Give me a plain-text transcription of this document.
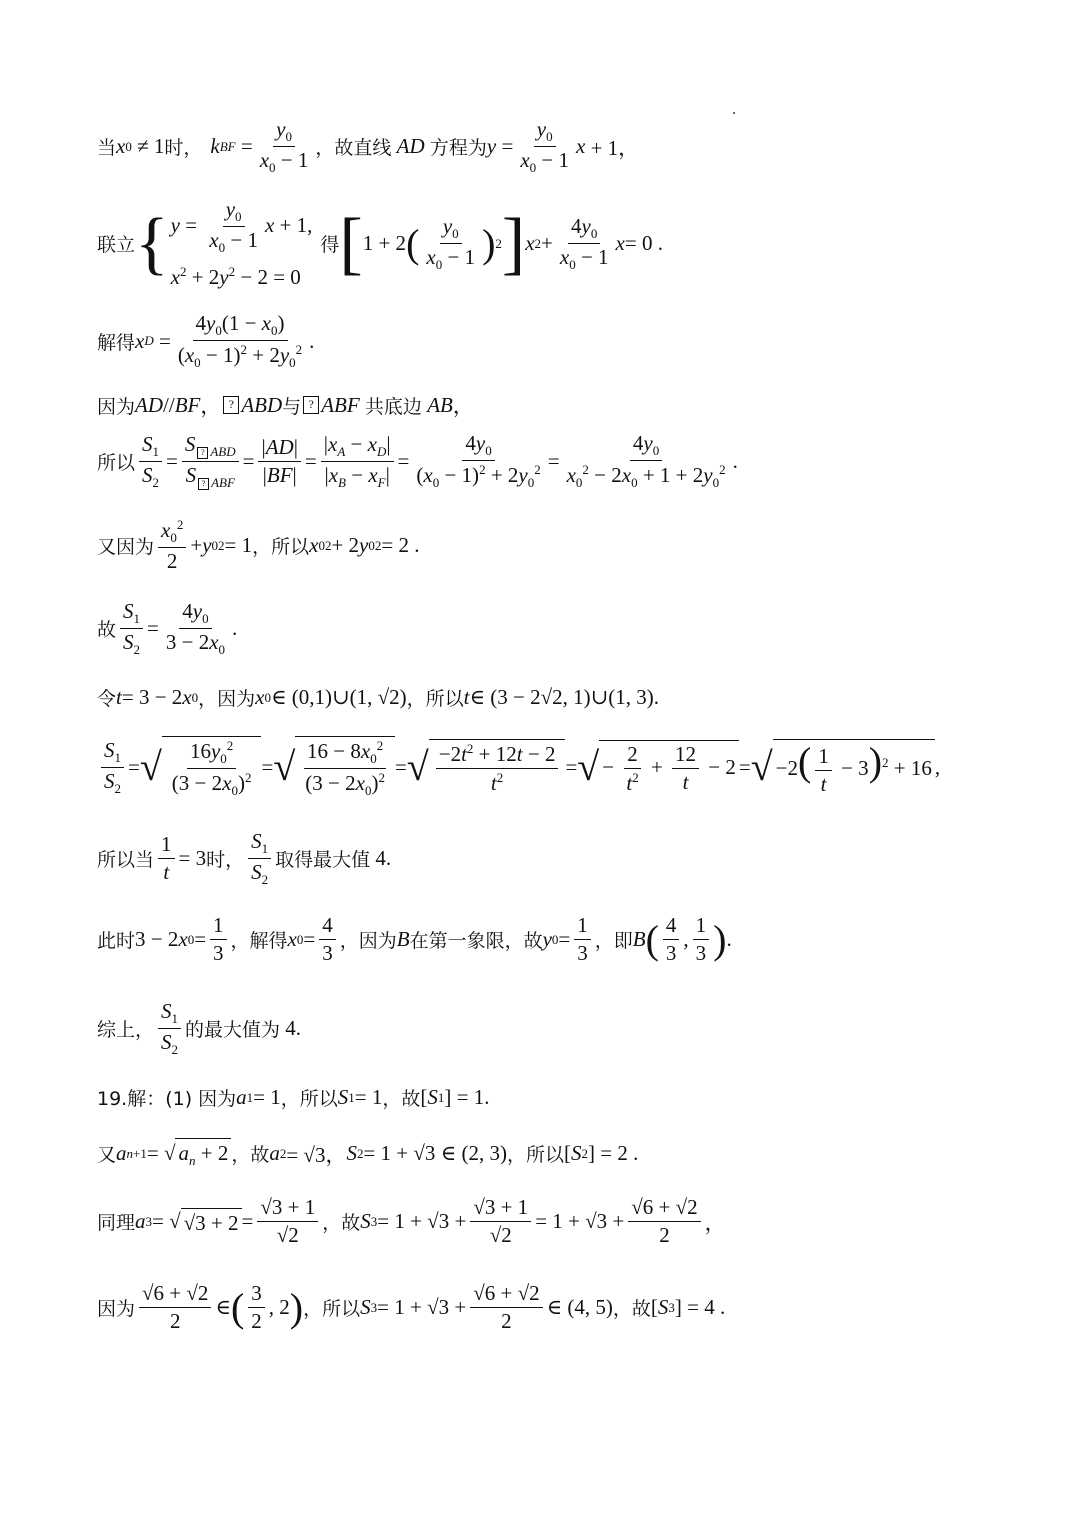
当 x 0 ≠ 1 时， k BF = $\frac{y_0}{x_0 - 1}$ ，故直线
AD
方程为 $y = \frac{y_0}{x_0 - 1}$ x + 1，
联立 { $y = \frac{y_0}{x_0 - 1}$ x + 1,
$x^2 + 2y^2 - 2 = 0$
得 [ 1 + 2 ( $\frac{y_0}{x_0 - 1}$ ) 2 ] x $2 + \frac{4y_0}{x_0 - 1}$ x = 0 .
解得 x $D = \frac{4y_0(1 - x_0)}{(x_0 - 1)^2 + 2y_0^2}$ .
因为 AD // BF ， ? ABD 与 ? ABF
共底边
AB ，
所以 $\frac{S_1}{S_2} = \frac{S _{? ABD}}{S _{? ABF}} = \frac{|AD|}{|BF|} = \frac{|x_A - x_D|}{|x_B - x_F|} = \frac{4y_0}{(x_0 - 1)^2 + 2y_0^2} = \frac{4y_0}{x_0^2 - 2x_0 + 1 + 2y_0^2}$ .
又因为 $\frac{x_0^2}{2} + y$ 0 2 = 1 ，所以 x 0 2 + 2 y 0 2 = 2 .
故 $\frac{S_1}{S_2} = \frac{4y_0}{3 - 2x_0}$ .
令 t = 3 − 2 x 0 ，因为 x 0 ∈ (0,1)∪(1, √2) ，所以 t ∈ (3 − 2√2, 1)∪(1, 3).
$\frac{S_1}{S_2}$ = √ $\frac{16y_0^2}{(3 - 2x_0)^2}$ = √ $\frac{16 - 8x_0^2}{(3 - 2x_0)^2}$ = √ $\frac{-2t^2 + 12t - 2}{t^2}$ = √ − $\frac{2}{t^2} + \frac{12}{t} - 2$ = √ $-2( \frac{1}{t} - 3)^2 + 16$ ,
所以当 $\frac{1}{t} = 3$ 时， $\frac{S_1}{S_2}$ 取得最大值
4.
此时 3 − 2 x $0 = \frac{1}{3}$ ，解得 x $0 = \frac{4}{3}$ ，因为 B 在第一象限，故 y $0 = \frac{1}{3}$ ，即 B ( $\frac{4}{3}$ , $\frac{1}{3}$ ) .
综上， $\frac{S_1}{S_2}$ 的最大值为
4.
19.解：(1) 因为 a 1 = 1 ，所以 S 1 = 1 ，故 [ S 1 ] = 1.
又 a n+1 = √ $a_n + 2$ ，故 a 2 = √3， S 2 = 1 + √3 ∈ (2, 3) ，所以 [ S 2 ] = 2 .
同理 a 3 = √ $√3 + 2 = \frac{√3 + 1}{√2}$ ，故 S $3 = 1 + √3 + \frac{√3 + 1}{√2} = 1 + √3 + \frac{√6 + √2}{2}$ ，
因为 $\frac{√6 + √2}{2}$ ∈ ( $\frac{3}{2}$ , 2 ) ，所以 S $3 = 1 + √3 + \frac{√6 + √2}{2}$ ∈ (4, 5) ，故 [ S 3 ] = 4 .
